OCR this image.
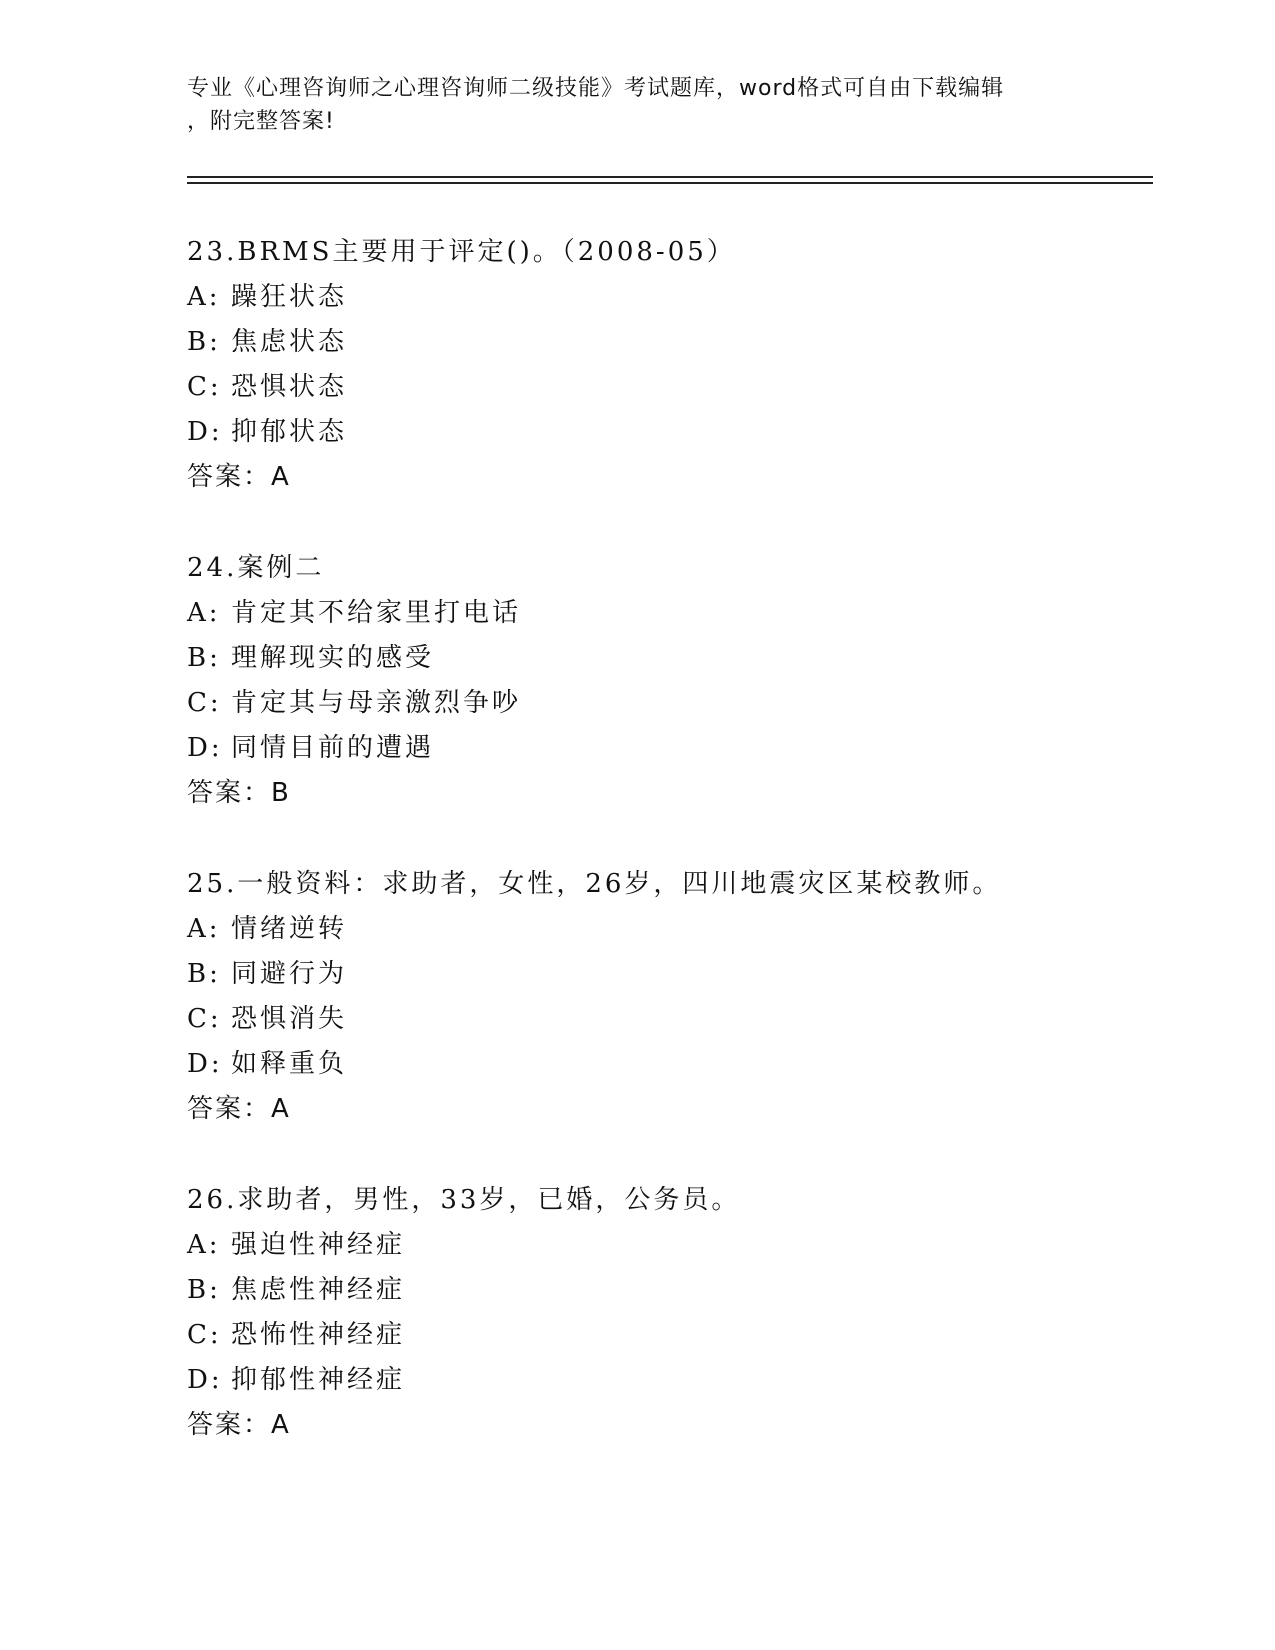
专业《心理咨询师之心理咨询师二级技能》考试题库，word格式可自由下载编辑
，附完整答案!
23.BRMS主要用于评定()。（2008-05）
A: 躁狂状态
B: 焦虑状态
C: 恐惧状态
D: 抑郁状态
答案：A
24.案例二
A: 肯定其不给家里打电话
B: 理解现实的感受
C: 肯定其与母亲激烈争吵
D: 同情目前的遭遇
答案：B
25.一般资料：求助者，女性，26岁，四川地震灾区某校教师。
A: 情绪逆转
B: 同避行为
C: 恐惧消失
D: 如释重负
答案：A
26.求助者，男性，33岁，已婚，公务员。
A: 强迫性神经症
B: 焦虑性神经症
C: 恐怖性神经症
D: 抑郁性神经症
答案：A
